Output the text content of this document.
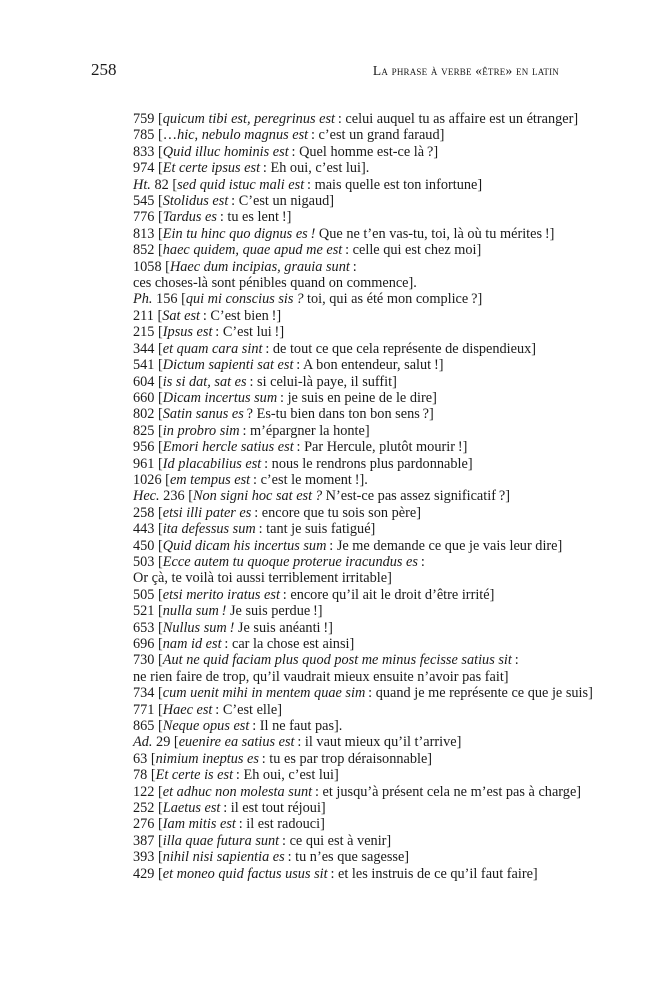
258	La phrase à verbe «être» en latin
759 [quicum tibi est, peregrinus est : celui auquel tu as affaire est un étranger]
785 […hic, nebulo magnus est : c’est un grand faraud]
833 [Quid illuc hominis est : Quel homme est-ce là ?]
974 [Et certe ipsus est : Eh oui, c’est lui].
Ht. 82 [sed quid istuc mali est : mais quelle est ton infortune]
545 [Stolidus est : C’est un nigaud]
776 [Tardus es : tu es lent !]
813 [Ein tu hinc quo dignus es ! Que ne t’en vas-tu, toi, là où tu mérites !]
852 [haec quidem, quae apud me est : celle qui est chez moi]
1058 [Haec dum incipias, grauia sunt :
ces choses-là sont pénibles quand on commence].
Ph. 156 [qui mi conscius sis ? toi, qui as été mon complice ?]
211 [Sat est : C’est bien !]
215 [Ipsus est : C’est lui !]
344 [et quam cara sint : de tout ce que cela représente de dispendieux]
541 [Dictum sapienti sat est : A bon entendeur, salut !]
604 [is si dat, sat es : si celui-là paye, il suffit]
660 [Dicam incertus sum : je suis en peine de le dire]
802 [Satin sanus es ? Es-tu bien dans ton bon sens ?]
825 [in probro sim : m’épargner la honte]
956 [Emori hercle satius est : Par Hercule, plutôt mourir !]
961 [Id placabilius est : nous le rendrons plus pardonnable]
1026 [em tempus est : c’est le moment !].
Hec. 236 [Non signi hoc sat est ? N’est-ce pas assez significatif ?]
258 [etsi illi pater es : encore que tu sois son père]
443 [ita defessus sum : tant je suis fatigué]
450 [Quid dicam his incertus sum : Je me demande ce que je vais leur dire]
503 [Ecce autem tu quoque proterue iracundus es :
Or çà, te voilà toi aussi terriblement irritable]
505 [etsi merito iratus est : encore qu’il ait le droit d’être irrité]
521 [nulla sum ! Je suis perdue !]
653 [Nullus sum ! Je suis anéanti !]
696 [nam id est : car la chose est ainsi]
730 [Aut ne quid faciam plus quod post me minus fecisse satius sit :
ne rien faire de trop, qu’il vaudrait mieux ensuite n’avoir pas fait]
734 [cum uenit mihi in mentem quae sim : quand je me représente ce que je suis]
771 [Haec est : C’est elle]
865 [Neque opus est : Il ne faut pas].
Ad. 29 [euenire ea satius est : il vaut mieux qu’il t’arrive]
63 [nimium ineptus es : tu es par trop déraisonnable]
78 [Et certe is est : Eh oui, c’est lui]
122 [et adhuc non molesta sunt : et jusqu’à présent cela ne m’est pas à charge]
252 [Laetus est : il est tout réjoui]
276 [Iam mitis est : il est radouci]
387 [illa quae futura sunt : ce qui est à venir]
393 [nihil nisi sapientia es : tu n’es que sagesse]
429 [et moneo quid factus usus sit : et les instruis de ce qu’il faut faire]
